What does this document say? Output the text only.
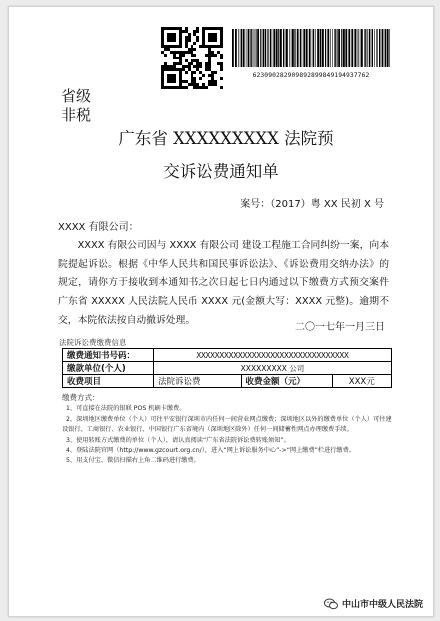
623090282909892899849194937762
省级
非税
广东省 XXXXXXXXX 法院预
交诉讼费通知单
案号：（2017）粤 XX 民初 X 号
XXXX 有限公司：
XXXX 有限公司因与 XXXX 有限公司 建设工程施工合同纠纷一案，向本院提起诉讼。根据《中华人民共和国民事诉讼法》、《诉讼费用交纳办法》的规定，请你方于接收到本通知书之次日起七日内通过以下缴费方式预交案件广东省 XXXXX 人民法院人民币 XXXX 元(金额大写：XXXX 元整)。逾期不交，本院依法按自动撤诉处理。
二〇一七年一月三日
法院诉讼费缴费信息
缴费通知书号码：	XXXXXXXXXXXXXXXXXXXXXXXXXXXXXXXXX		
缴款单位(个人)	XXXXXXXXX 公司		
收费项目	法院诉讼费	收费金额（元）	XXX元
缴费方式：
1、可直接在法院的银联 POS 机刷卡缴费。
2、深圳地区缴费单位（个人）可往平安银行深圳市内任何一间营业网点缴费；深圳地区以外的缴费单位（个人）可往建设银行、工商银行、农业银行、中国银行广东省境内（深圳地区除外）任何一间储蓄性网点办理缴费手续。
3、使用转账方式缴费的单位（个人），请认真阅读“广东省法院诉讼费转账须知”。
4、登陆法院官网（http://www.gzcourt.org.cn/），进入“网上诉讼服务中心”->“网上缴费”栏进行缴费。
5、用支付宝、微信扫描右上角二维码进行缴费。
中山市中级人民法院
